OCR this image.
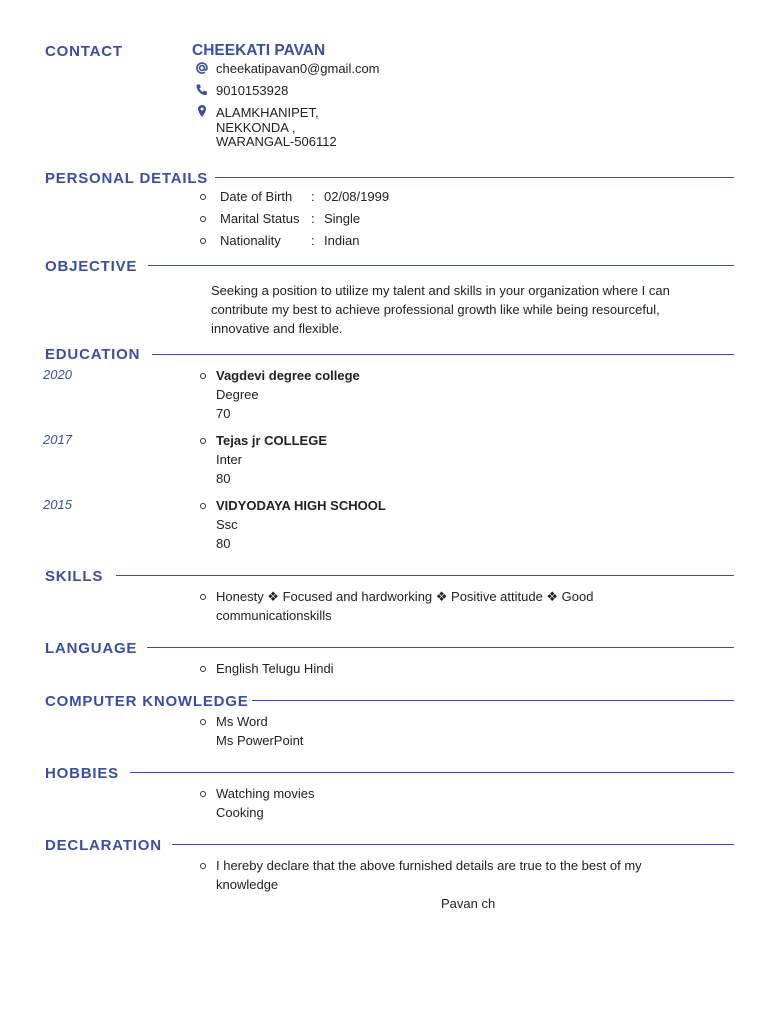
CONTACT	CHEEKATI PAVAN
cheekatipavan0@gmail.com
9010153928
ALAMKHANIPET,
NEKKONDA ,
WARANGAL-506112
PERSONAL DETAILS
Date of Birth : 02/08/1999
Marital Status : Single
Nationality : Indian
OBJECTIVE
Seeking a position to utilize my talent and skills in your organization where I can
contribute my best to achieve professional growth like while being resourceful,
innovative and flexible.
EDUCATION
2020	Vagdevi degree college
Degree
70
2017	Tejas jr COLLEGE
Inter
80
2015	VIDYODAYA HIGH SCHOOL
Ssc
80
SKILLS
Honesty ❖ Focused and hardworking ❖ Positive attitude ❖ Good
communicationskills
LANGUAGE
English Telugu Hindi
COMPUTER KNOWLEDGE
Ms Word
Ms PowerPoint
HOBBIES
Watching movies
Cooking
DECLARATION
I hereby declare that the above furnished details are true to the best of my
knowledge
Pavan ch
